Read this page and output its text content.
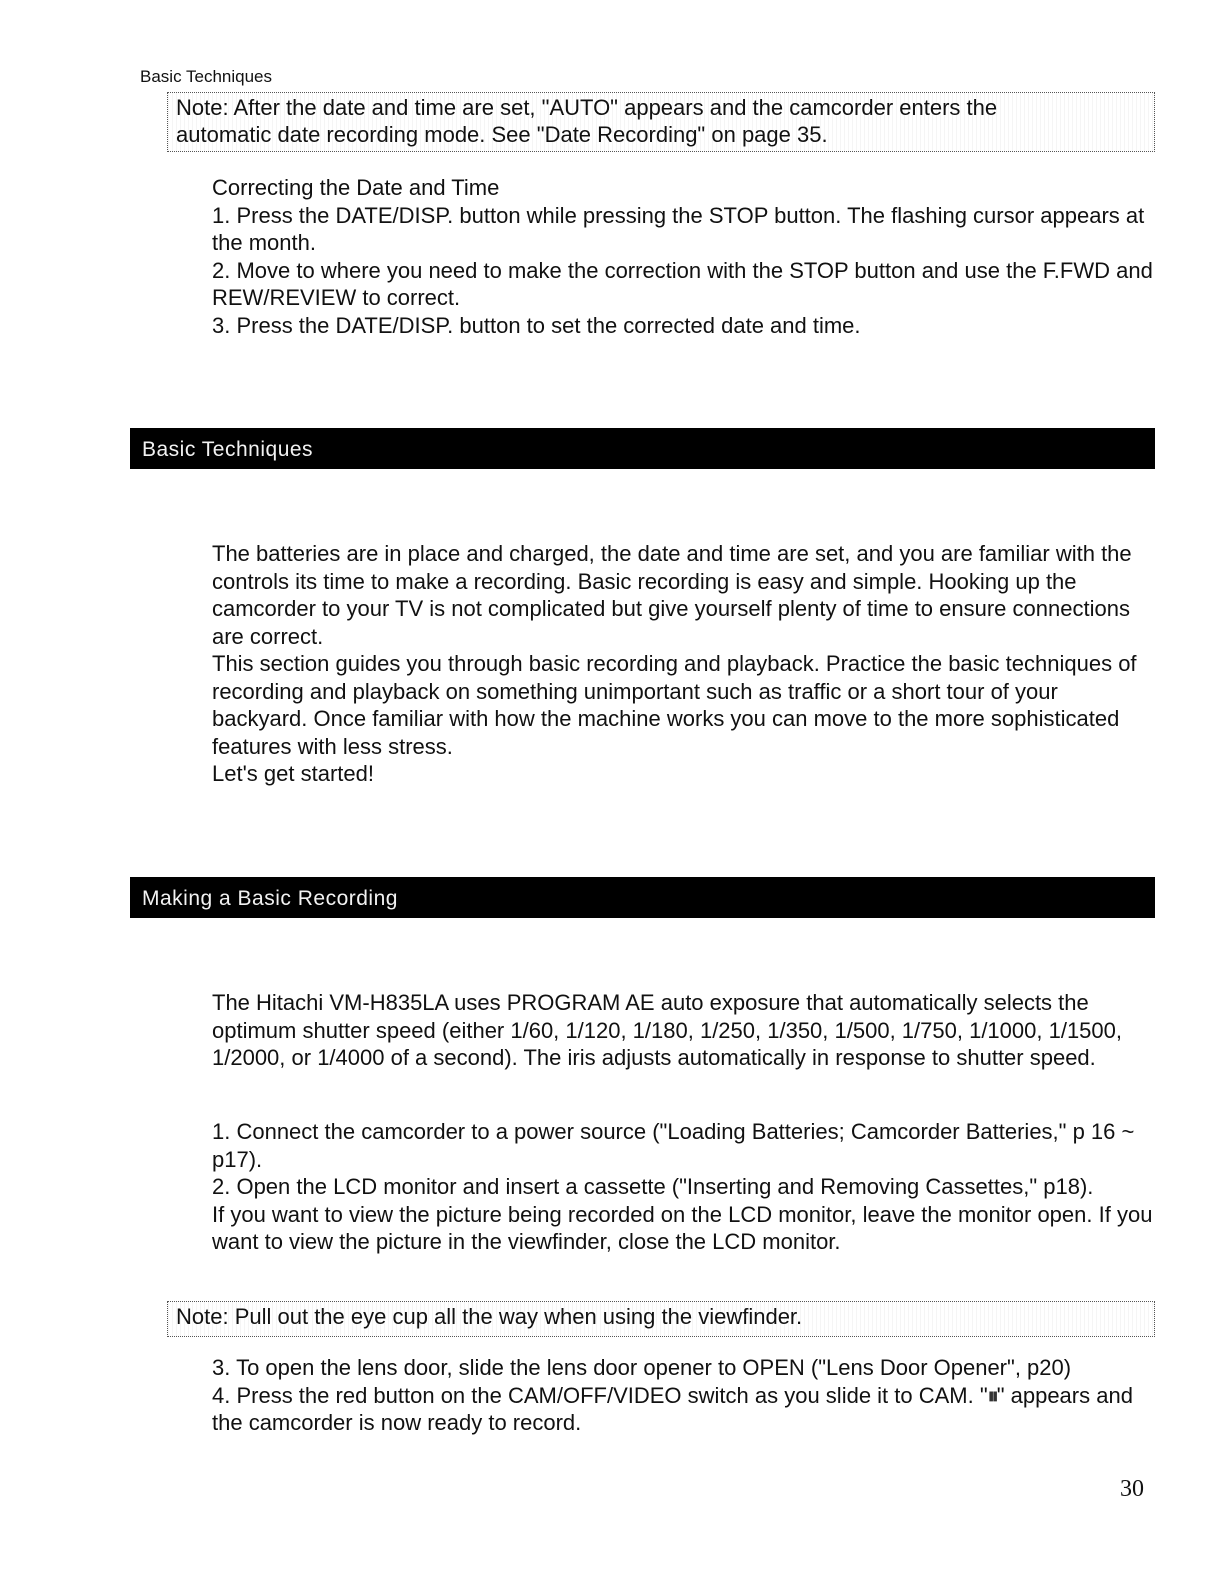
Basic Techniques
Note: After the date and time are set, "AUTO" appears and the camcorder enters the
automatic date recording mode. See "Date Recording" on page 35.

Correcting the Date and Time

1. Press the DATE/DISP. button while pressing the STOP button. The flashing cursor appears at the month.

2. Move to where you need to make the correction with the STOP button and use the F.FWD and REW/REVIEW to correct.

3. Press the DATE/DISP. button to set the corrected date and time.

Basic Techniques

The batteries are in place and charged, the date and time are set, and you are familiar with the controls its time to make a recording. Basic recording is easy and simple. Hooking up the camcorder to your TV is not complicated but give yourself plenty of time to ensure connections are correct.

This section guides you through basic recording and playback. Practice the basic techniques of recording and playback on something unimportant such as traffic or a short tour of your backyard. Once familiar with how the machine works you can move to the more sophisticated features with less stress.

Let's get started!

Making a Basic Recording

The Hitachi VM-H835LA uses PROGRAM AE auto exposure that automatically selects the optimum shutter speed (either 1/60, 1/120, 1/180, 1/250, 1/350, 1/500, 1/750, 1/1000, 1/1500, 1/2000, or 1/4000 of a second). The iris adjusts automatically in response to shutter speed.

1. Connect the camcorder to a power source ("Loading Batteries; Camcorder Batteries," p 16 ~ p17).

2. Open the LCD monitor and insert a cassette ("Inserting and Removing Cassettes," p18).

If you want to view the picture being recorded on the LCD monitor, leave the monitor open. If you want to view the picture in the viewfinder, close the LCD monitor.

Note: Pull out the eye cup all the way when using the viewfinder.

3. To open the lens door, slide the lens door opener to OPEN ("Lens Door Opener", p20)

4. Press the red button on the CAM/OFF/VIDEO switch as you slide it to CAM. "⏸" appears and the camcorder is now ready to record.

30
